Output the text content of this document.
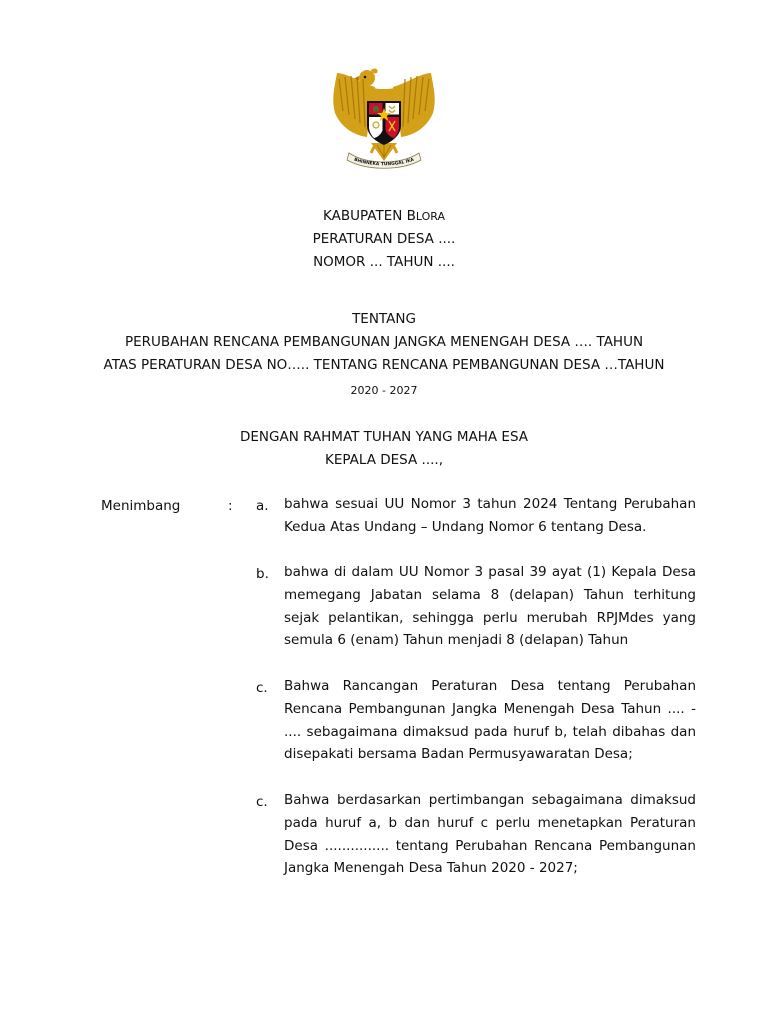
BHINNEKA TUNGGAL IKA
KABUPATEN BLORA
PERATURAN DESA ....
NOMOR ... TAHUN ....
TENTANG
PERUBAHAN RENCANA PEMBANGUNAN JANGKA MENENGAH DESA …. TAHUN
ATAS PERATURAN DESA NO….. TENTANG RENCANA PEMBANGUNAN DESA …TAHUN
2020 - 2027
DENGAN RAHMAT TUHAN YANG MAHA ESA
KEPALA DESA ....,
Menimbang	: a. bahwa sesuai UU Nomor 3 tahun 2024 Tentang Perubahan Kedua Atas Undang – Undang Nomor 6 tentang Desa.
b. bahwa di dalam UU Nomor 3 pasal 39 ayat (1) Kepala Desa memegang Jabatan selama 8 (delapan) Tahun terhitung sejak pelantikan, sehingga perlu merubah RPJMdes yang semula 6 (enam) Tahun menjadi 8 (delapan) Tahun
c. Bahwa Rancangan Peraturan Desa tentang Perubahan Rencana Pembangunan Jangka Menengah Desa Tahun .... - .... sebagaimana dimaksud pada huruf b, telah dibahas dan disepakati bersama Badan Permusyawaratan Desa;
c. Bahwa berdasarkan pertimbangan sebagaimana dimaksud pada huruf a, b dan huruf c perlu menetapkan Peraturan Desa ............... tentang Perubahan Rencana Pembangunan Jangka Menengah Desa Tahun 2020 - 2027;
